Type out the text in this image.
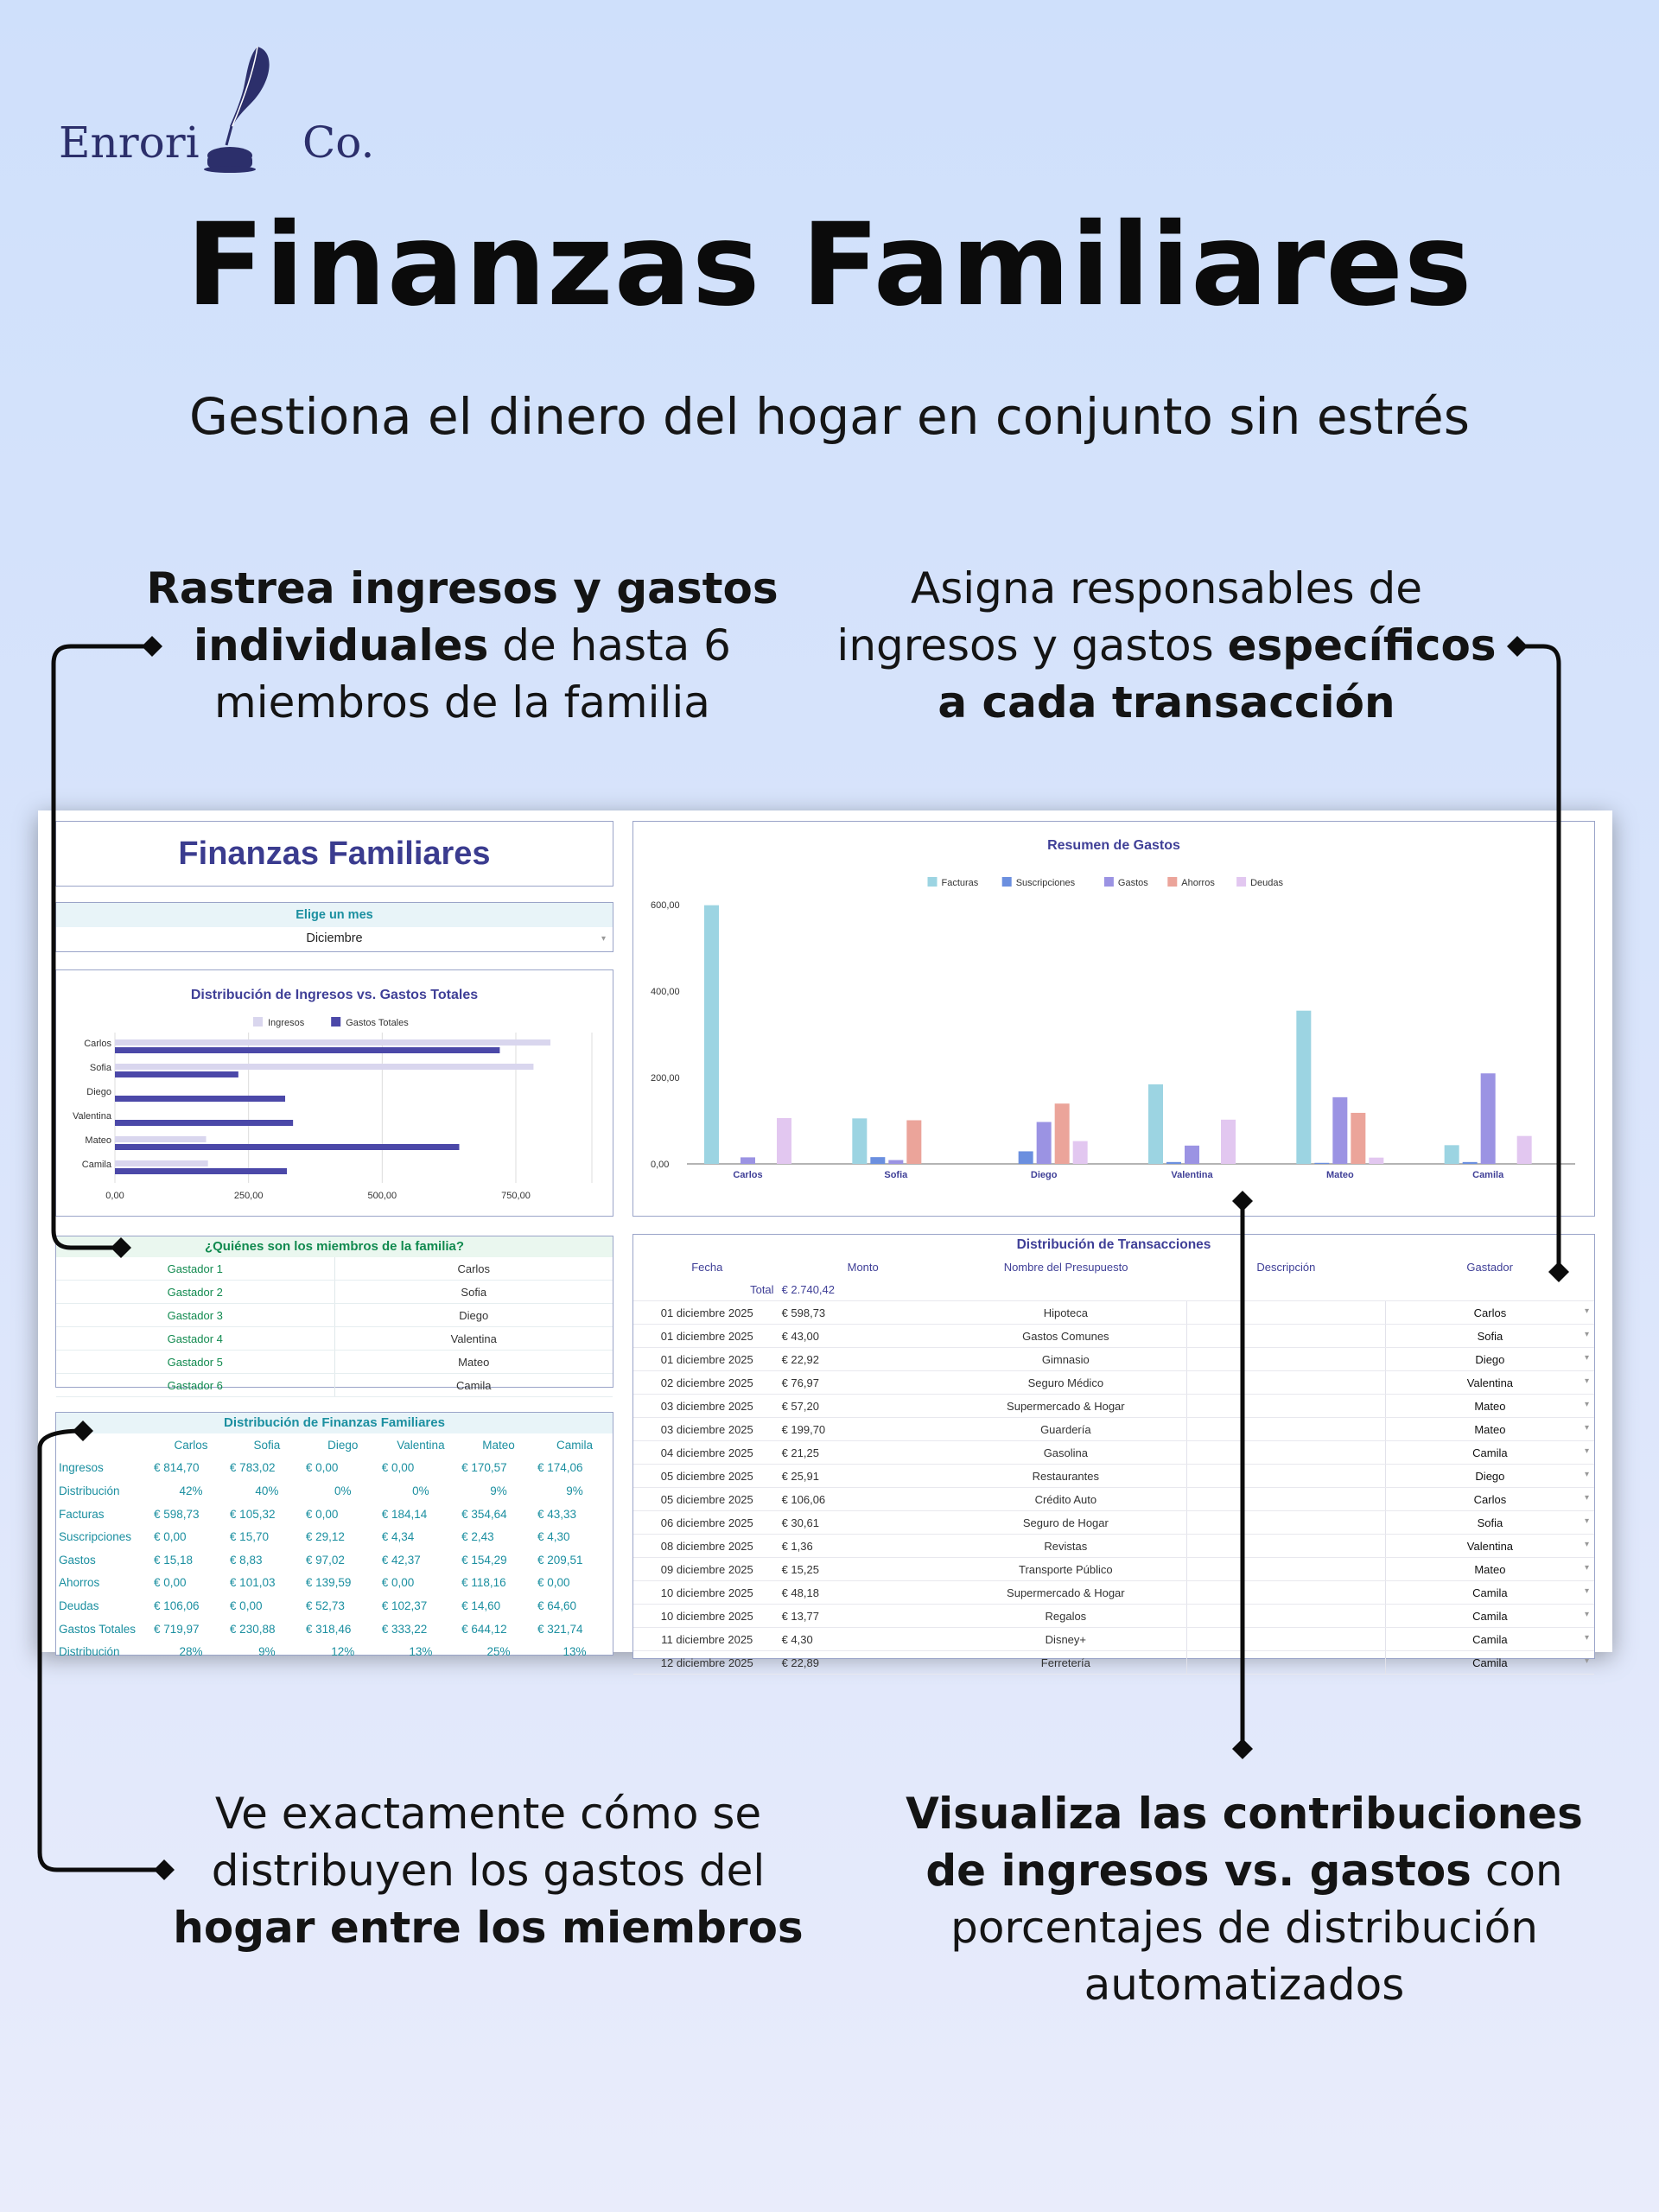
Enrori Co.
Finanzas Familiares
Gestiona el dinero del hogar en conjunto sin estrés
Rastrea ingresos y gastos
individuales de hasta 6
miembros de la familia
Asigna responsables de
ingresos y gastos específicos
a cada transacción
Ve exactamente cómo se
distribuyen los gastos del
hogar entre los miembros
Visualiza las contribuciones
de ingresos vs. gastos con
porcentajes de distribución
automatizados
Finanzas Familiares
Elige un mes
Diciembre	▾
Distribución de Ingresos vs. Gastos Totales
Ingresos	Gastos Totales
0,00	250,00	500,00	750,00
Carlos
Sofia
Diego
Valentina
Mateo
Camila
¿Quiénes son los miembros de la familia?
Gastador 1	Carlos
Gastador 2	Sofia
Gastador 3	Diego
Gastador 4	Valentina
Gastador 5	Mateo
Gastador 6	Camila
Distribución de Finanzas Familiares
	Carlos	Sofia	Diego	Valentina	Mateo	Camila
Ingresos	€ 814,70	€ 783,02	€ 0,00	€ 0,00	€ 170,57	€ 174,06
Distribución	42%	40%	0%	0%	9%	9%
Facturas	€ 598,73	€ 105,32	€ 0,00	€ 184,14	€ 354,64	€ 43,33
Suscripciones	€ 0,00	€ 15,70	€ 29,12	€ 4,34	€ 2,43	€ 4,30
Gastos	€ 15,18	€ 8,83	€ 97,02	€ 42,37	€ 154,29	€ 209,51
Ahorros	€ 0,00	€ 101,03	€ 139,59	€ 0,00	€ 118,16	€ 0,00
Deudas	€ 106,06	€ 0,00	€ 52,73	€ 102,37	€ 14,60	€ 64,60
Gastos Totales	€ 719,97	€ 230,88	€ 318,46	€ 333,22	€ 644,12	€ 321,74
Distribución	28%	9%	12%	13%	25%	13%
Resumen de Gastos
Facturas	Suscripciones	Gastos	Ahorros	Deudas
0,00
200,00
400,00
600,00
Carlos	Sofia	Diego	Valentina	Mateo	Camila
Distribución de Transacciones
Fecha	Monto	Nombre del Presupuesto	Descripción	Gastador
Total	€ 2.740,42			
01 diciembre 2025	€ 598,73	Hipoteca		Carlos ▾

01 diciembre 2025	€ 43,00	Gastos Comunes		Sofia ▾

01 diciembre 2025	€ 22,92	Gimnasio		Diego ▾

02 diciembre 2025	€ 76,97	Seguro Médico		Valentina ▾

03 diciembre 2025	€ 57,20	Supermercado & Hogar		Mateo ▾

03 diciembre 2025	€ 199,70	Guardería		Mateo ▾

04 diciembre 2025	€ 21,25	Gasolina		Camila ▾

05 diciembre 2025	€ 25,91	Restaurantes		Diego ▾

05 diciembre 2025	€ 106,06	Crédito Auto		Carlos ▾

06 diciembre 2025	€ 30,61	Seguro de Hogar		Sofia ▾

08 diciembre 2025	€ 1,36	Revistas		Valentina ▾

09 diciembre 2025	€ 15,25	Transporte Público		Mateo ▾

10 diciembre 2025	€ 48,18	Supermercado & Hogar		Camila ▾

10 diciembre 2025	€ 13,77	Regalos		Camila ▾

11 diciembre 2025	€ 4,30	Disney+		Camila ▾

12 diciembre 2025	€ 22,89	Ferretería		Camila ▾
